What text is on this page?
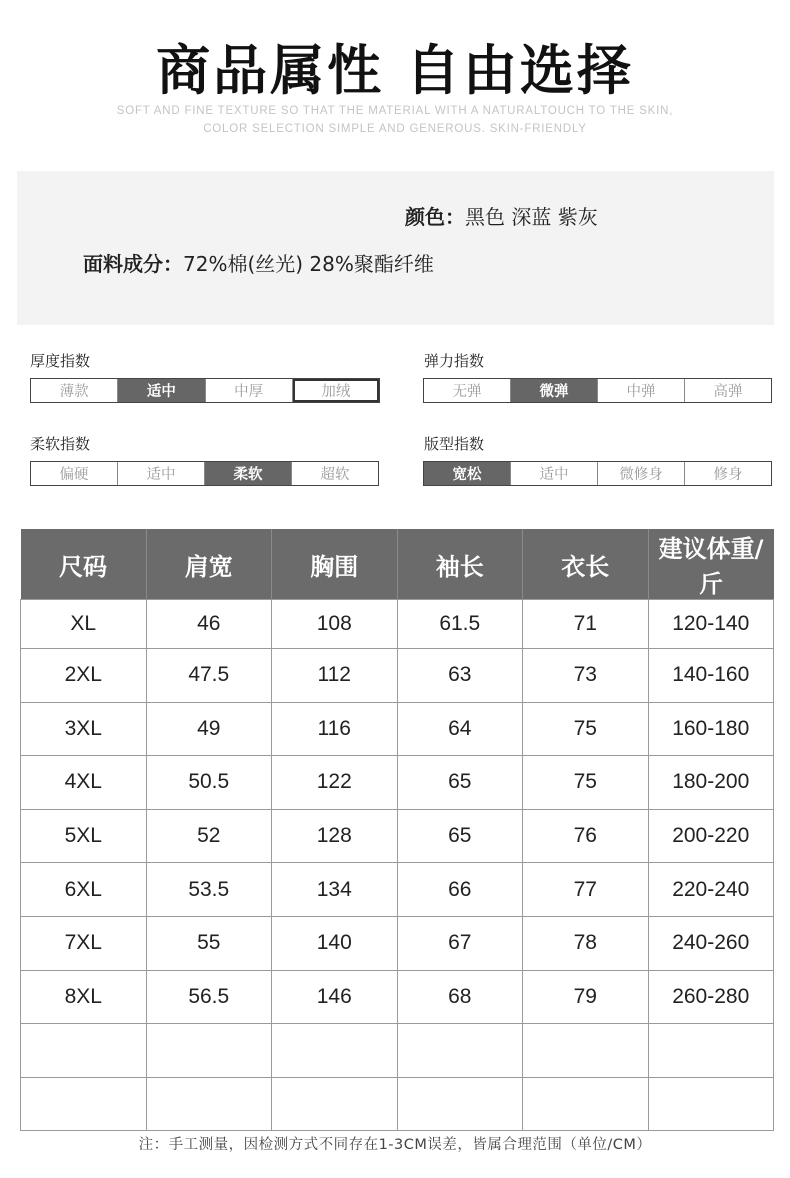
商品属性 自由选择
SOFT AND FINE TEXTURE SO THAT THE MATERIAL WITH A NATURALTOUCH TO THE SKIN,
COLOR SELECTION SIMPLE AND GENEROUS. SKIN-FRIENDLY
颜色：黑色 深蓝 紫灰
面料成分：72%棉(丝光) 28%聚酯纤维
厚度指数
薄款	适中	中厚	加绒
弹力指数
无弹	微弹	中弹	高弹
柔软指数
偏硬	适中	柔软	超软
版型指数
宽松	适中	微修身	修身
尺码	肩宽	胸围	袖长	衣长	建议体重/斤
XL	46	108	61.5	71	120-140
2XL	47.5	112	63	73	140-160
3XL	49	116	64	75	160-180
4XL	50.5	122	65	75	180-200
5XL	52	128	65	76	200-220
6XL	53.5	134	66	77	220-240
7XL	55	140	67	78	240-260
8XL	56.5	146	68	79	260-280

注：手工测量，因检测方式不同存在1-3CM误差，皆属合理范围（单位/CM）
